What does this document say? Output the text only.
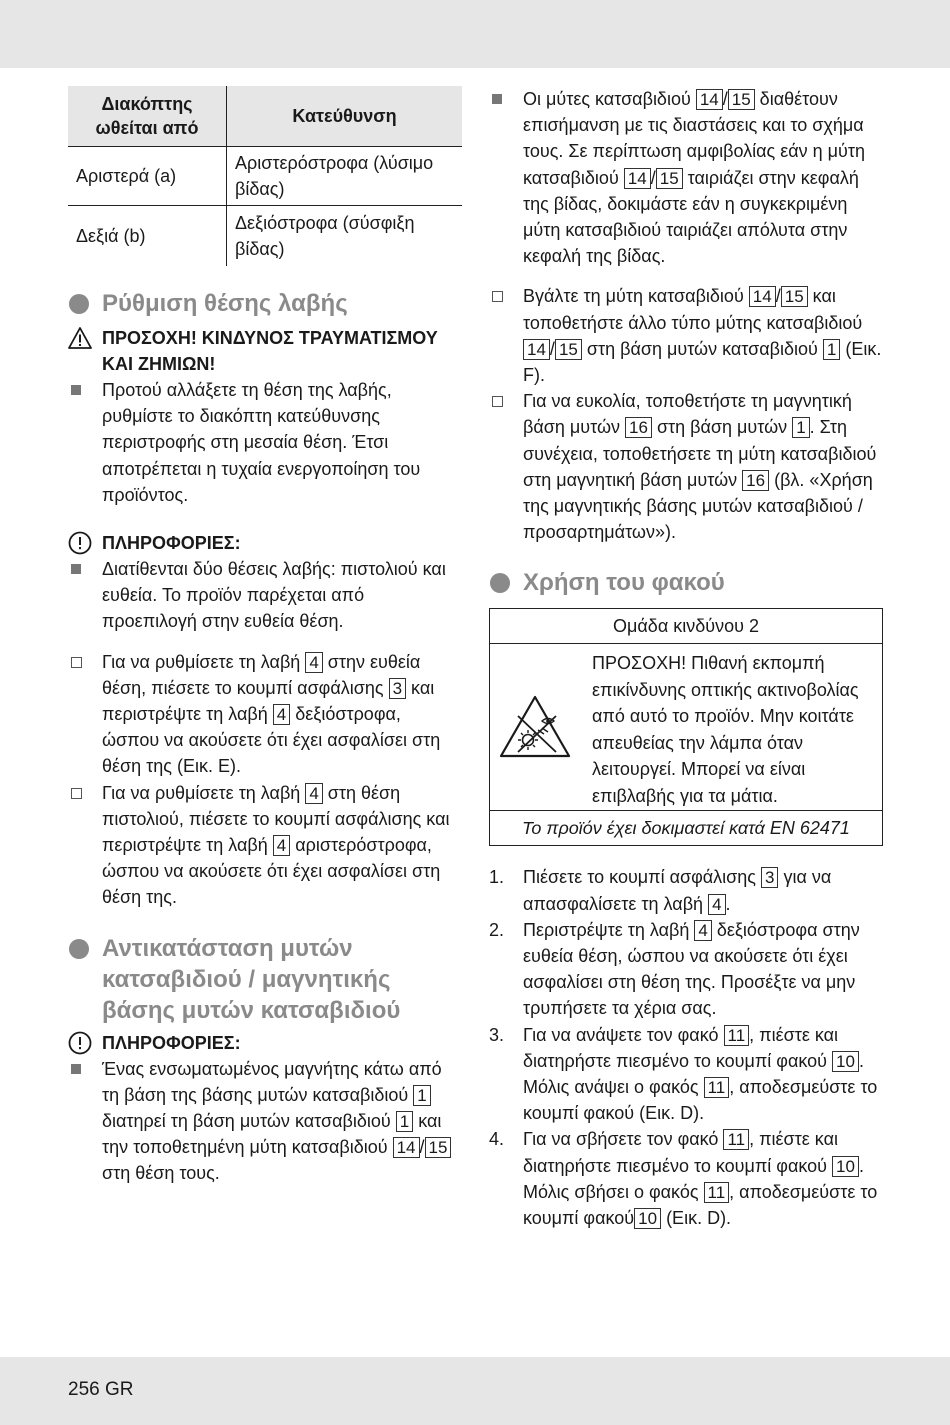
Διακόπτης ωθείται από	Κατεύθυνση
Αριστερά (a)	Αριστερόστροφα (λύσιμο βίδας)
Δεξιά (b)	Δεξιόστροφα (σύσφιξη βίδας)
Ρύθμιση θέσης λαβής
ΠΡΟΣΟΧΗ! ΚΙΝΔΥΝΟΣ ΤΡΑΥΜΑΤΙΣΜΟΥ ΚΑΙ ΖΗΜΙΩΝ!
Προτού αλλάξετε τη θέση της λαβής, ρυθμίστε το διακόπτη κατεύθυνσης περιστροφής στη μεσαία θέση. Έτσι αποτρέπεται η τυχαία ενεργοποίηση του προϊόντος.
ΠΛΗΡΟΦΟΡΙΕΣ:
Διατίθενται δύο θέσεις λαβής: πιστολιού και ευθεία. Το προϊόν παρέχεται από προεπιλογή στην ευθεία θέση.
Για να ρυθμίσετε τη λαβή 4 στην ευθεία θέση, πιέσετε το κουμπί ασφάλισης 3 και περιστρέψτε τη λαβή 4 δεξιόστροφα, ώσπου να ακούσετε ότι έχει ασφαλίσει στη θέση της (Εικ. E).
Για να ρυθμίσετε τη λαβή 4 στη θέση πιστολιού, πιέσετε το κουμπί ασφάλισης και περιστρέψτε τη λαβή 4 αριστερόστροφα, ώσπου να ακούσετε ότι έχει ασφαλίσει στη θέση της.
Αντικατάσταση μυτών κατσαβιδιού / μαγνητικής βάσης μυτών κατσαβιδιού
ΠΛΗΡΟΦΟΡΙΕΣ:
Ένας ενσωματωμένος μαγνήτης κάτω από τη βάση της βάσης μυτών κατσαβιδιού 1 διατηρεί τη βάση μυτών κατσαβιδιού 1 και την τοποθετημένη μύτη κατσαβιδιού 14 / 15 στη θέση τους.
Οι μύτες κατσαβιδιού 14 / 15 διαθέτουν επισήμανση με τις διαστάσεις και το σχήμα τους. Σε περίπτωση αμφιβολίας εάν η μύτη κατσαβιδιού 14 / 15 ταιριάζει στην κεφαλή της βίδας, δοκιμάστε εάν η συγκεκριμένη μύτη κατσαβιδιού ταιριάζει απόλυτα στην κεφαλή της βίδας.
Βγάλτε τη μύτη κατσαβιδιού 14 / 15 και τοποθετήστε άλλο τύπο μύτης κατσαβιδιού 14 / 15 στη βάση μυτών κατσαβιδιού 1 (Εικ. F).
Για να ευκολία, τοποθετήστε τη μαγνητική βάση μυτών 16 στη βάση μυτών 1 . Στη συνέχεια, τοποθετήσετε τη μύτη κατσαβιδιού στη μαγνητική βάση μυτών 16 (βλ. «Χρήση της μαγνητικής βάσης μυτών κατσαβιδιού / προσαρτημάτων»).
Χρήση του φακού
Ομάδα κινδύνου 2
ΠΡΟΣΟΧΗ! Πιθανή εκπομπή επικίνδυνης οπτικής ακτινοβολίας από αυτό το προϊόν. Μην κοιτάτε απευθείας την λάμπα όταν λειτουργεί. Μπορεί να είναι επιβλαβής για τα μάτια.
Το προϊόν έχει δοκιμαστεί κατά EN 62471
1. Πιέσετε το κουμπί ασφάλισης 3 για να απασφαλίσετε τη λαβή 4 .
2. Περιστρέψτε τη λαβή 4 δεξιόστροφα στην ευθεία θέση, ώσπου να ακούσετε ότι έχει ασφαλίσει στη θέση της. Προσέξτε να μην τρυπήσετε τα χέρια σας.
3. Για να ανάψετε τον φακό 11 , πιέστε και διατηρήστε πιεσμένο το κουμπί φακού 10 . Μόλις ανάψει ο φακός 11 , αποδεσμεύστε το κουμπί φακού (Εικ. D).
4. Για να σβήσετε τον φακό 11 , πιέστε και διατηρήστε πιεσμένο το κουμπί φακού 10 . Μόλις σβήσει ο φακός 11 , αποδεσμεύστε το κουμπί φακού 10 (Εικ. D).
256 GR
